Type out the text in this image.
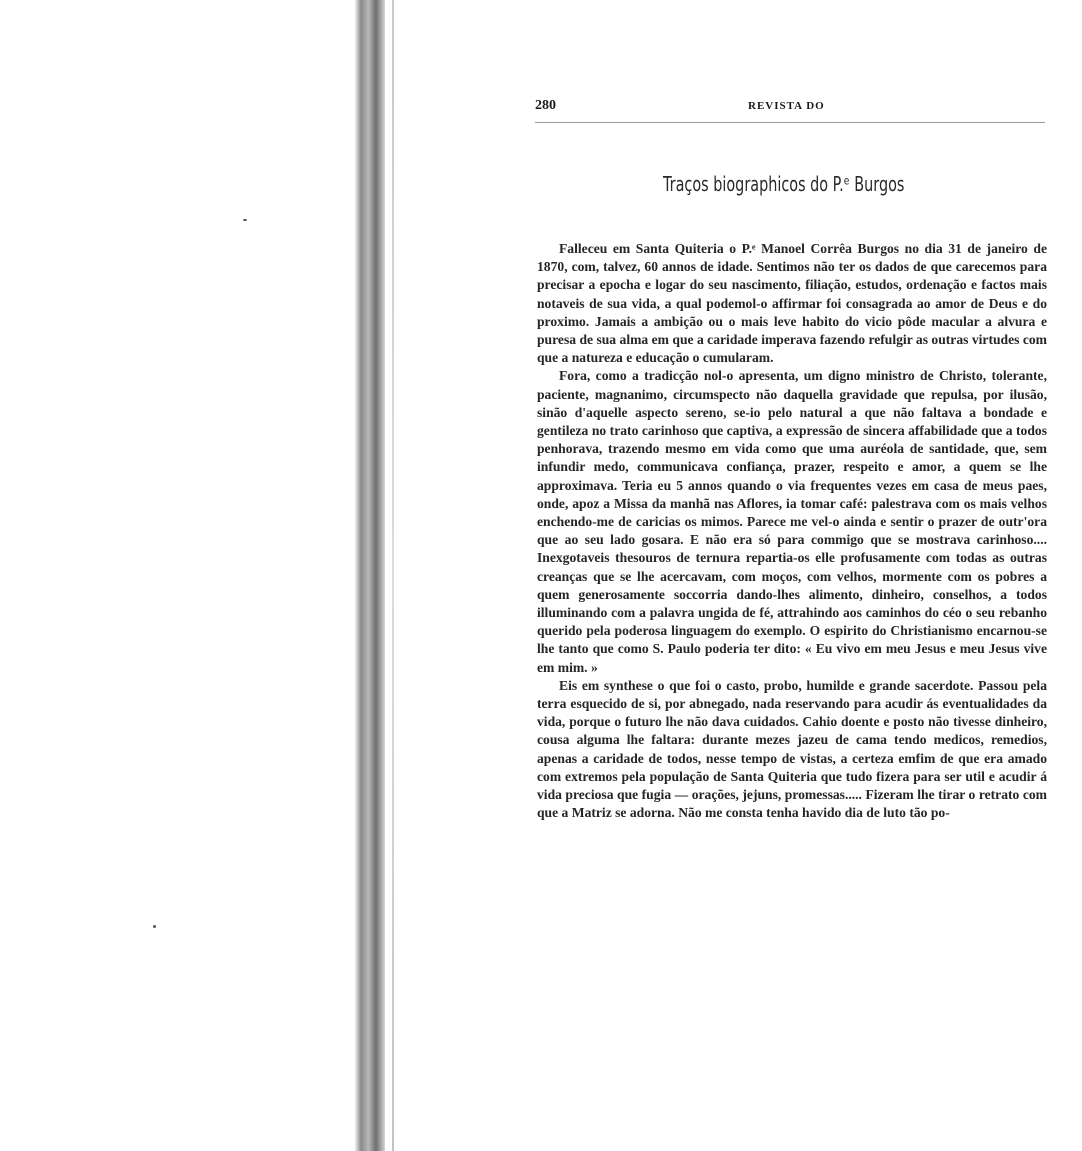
280	REVISTA DO
Traços biographicos do P.ᵉ Burgos

Falleceu em Santa Quiteria o P.ᵉ Manoel Corrêa Burgos no dia 31 de janeiro de 1870, com, talvez, 60 annos de idade. Sentimos não ter os dados de que carecemos para precisar a epocha e logar do seu nascimento, filiação, estudos, ordenação e factos mais notaveis de sua vida, a qual podemol-o affirmar foi consagrada ao amor de Deus e do proximo. Jamais a ambição ou o mais leve habito do vicio pôde macular a alvura e puresa de sua alma em que a caridade imperava fazendo refulgir as outras virtudes com que a natureza e educação o cumularam.

Fora, como a tradicção nol-o apresenta, um digno ministro de Christo, tolerante, paciente, magnanimo, circumspecto não daquella gravidade que repulsa, por ilusão, sinão d'aquelle aspecto sereno, se-io pelo natural a que não faltava a bondade e gentileza no trato carinhoso que captiva, a expressão de sincera affabilidade que a todos penhorava, trazendo mesmo em vida como que uma auréola de santidade, que, sem infundir medo, communicava confiança, prazer, respeito e amor, a quem se lhe approximava. Teria eu 5 annos quando o via frequentes vezes em casa de meus paes, onde, apoz a Missa da manhã nas Aflores, ia tomar café: palestrava com os mais velhos enchendo-me de caricias os mimos. Parece me vel-o ainda e sentir o prazer de outr'ora que ao seu lado gosara. E não era só para commigo que se mostrava carinhoso.... Inexgotaveis thesouros de ternura repartia-os elle profusamente com todas as outras creanças que se lhe acercavam, com moços, com velhos, mormente com os pobres a quem generosamente soccorria dando-lhes alimento, dinheiro, conselhos, a todos illuminando com a palavra ungida de fé, attrahindo aos caminhos do céo o seu rebanho querido pela poderosa linguagem do exemplo. O espirito do Christianismo encarnou-se lhe tanto que como S. Paulo poderia ter dito: « Eu vivo em meu Jesus e meu Jesus vive em mim. »

Eis em synthese o que foi o casto, probo, humilde e grande sacerdote. Passou pela terra esquecido de si, por abnegado, nada reservando para acudir ás eventualidades da vida, porque o futuro lhe não dava cuidados. Cahio doente e posto não tivesse dinheiro, cousa alguma lhe faltara: durante mezes jazeu de cama tendo medicos, remedios, apenas a caridade de todos, nesse tempo de vistas, a certeza emfim de que era amado com extremos pela população de Santa Quiteria que tudo fizera para ser util e acudir á vida preciosa que fugia — orações, jejuns, promessas..... Fizeram lhe tirar o retrato com que a Matriz se adorna. Não me consta tenha havido dia de luto tão po-
